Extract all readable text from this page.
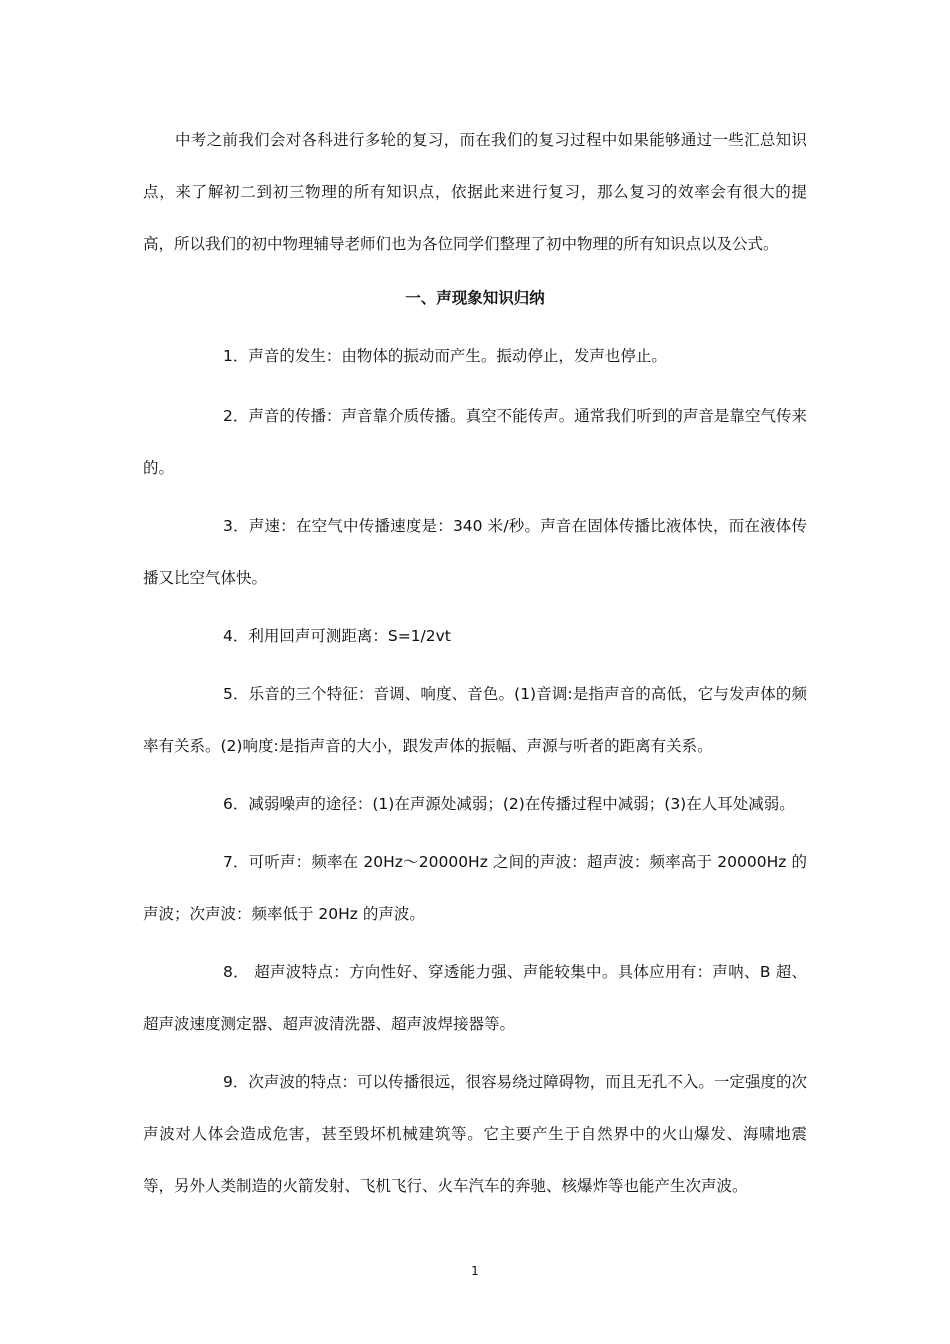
中考之前我们会对各科进行多轮的复习，而在我们的复习过程中如果能够通过一些汇总知识点，来了解初二到初三物理的所有知识点，依据此来进行复习，那么复习的效率会有很大的提高，所以我们的初中物理辅导老师们也为各位同学们整理了初中物理的所有知识点以及公式。

一、声现象知识归纳

1．声音的发生：由物体的振动而产生。振动停止，发声也停止。

2．声音的传播：声音靠介质传播。真空不能传声。通常我们听到的声音是靠空气传来的。

3．声速：在空气中传播速度是：340 米/秒。声音在固体传播比液体快，而在液体传播又比空气体快。

4．利用回声可测距离：S=1/2vt

5．乐音的三个特征：音调、响度、音色。(1)音调:是指声音的高低，它与发声体的频率有关系。(2)响度:是指声音的大小，跟发声体的振幅、声源与听者的距离有关系。

6．减弱噪声的途径：(1)在声源处减弱；(2)在传播过程中减弱；(3)在人耳处减弱。

7．可听声：频率在 20Hz～20000Hz 之间的声波：超声波：频率高于 20000Hz 的声波；次声波：频率低于 20Hz 的声波。

8． 超声波特点：方向性好、穿透能力强、声能较集中。具体应用有：声呐、B 超、超声波速度测定器、超声波清洗器、超声波焊接器等。

9．次声波的特点：可以传播很远，很容易绕过障碍物，而且无孔不入。一定强度的次声波对人体会造成危害，甚至毁坏机械建筑等。它主要产生于自然界中的火山爆发、海啸地震等，另外人类制造的火箭发射、飞机飞行、火车汽车的奔驰、核爆炸等也能产生次声波。

1
